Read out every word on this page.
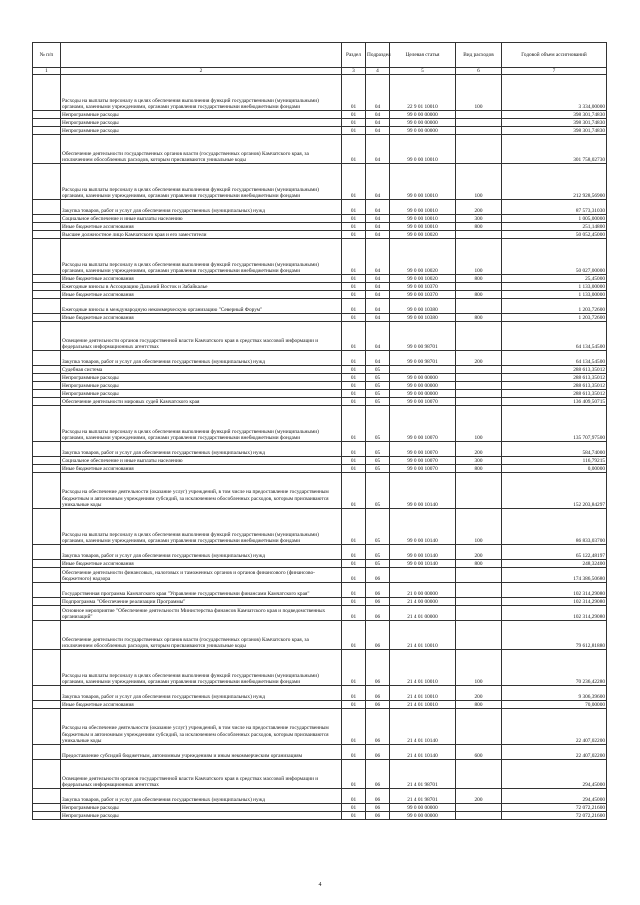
№ п/п		Раздел	Подраздел	Целевая статья	Вид расходов	Годовой объем ассигнований
1	2	3	4	5	6	7
	Расходы на выплаты персоналу в целях обеспечения выполнения функций государственными (муниципальными) органами, казенными учреждениями, органами управления государственными внебюджетными фондами	01	04	22 9 01 10010	100	3 334,00000
	Непрограммные расходы	01	04	99 0 00 00000		398 301,74830
	Непрограммные расходы	01	04	99 0 00 00000		398 301,74830
	Непрограммные расходы	01	04	99 0 00 00000		398 301,74830
	Обеспечение деятельности государственных органов власти (государственных органов) Камчатского края, за исключением обособленных расходов, которым присваиваются уникальные коды	01	04	99 0 00 10010		301 758,02730
	Расходы на выплаты персоналу в целях обеспечения выполнения функций государственными (муниципальными) органами, казенными учреждениями, органами управления государственными внебюджетными фондами	01	04	99 0 00 10010	100	212 928,56900
	Закупка товаров, работ и услуг для обеспечения государственных (муниципальных) нужд	01	04	99 0 00 10010	200	87 573,31030
	Социальное обеспечение и иные выплаты населению	01	04	99 0 00 10010	300	1 005,00000
	Иные бюджетные ассигнования	01	04	99 0 00 10010	800	251,14800
	Высшее должностное лицо Камчатского края и его заместители	01	04	99 0 00 10020		50 052,45000
	Расходы на выплаты персоналу в целях обеспечения выполнения функций государственными (муниципальными) органами, казенными учреждениями, органами управления государственными внебюджетными фондами	01	04	99 0 00 10020	100	50 027,00000
	Иные бюджетные ассигнования	01	04	99 0 00 10020	800	25,45000
	Ежегодные взносы в Ассоциацию Дальний Восток и Забайкалье	01	04	99 0 00 10370		1 133,00000
	Иные бюджетные ассигнования	01	04	99 0 00 10370	800	1 133,00000
	Ежегодные взносы в международную некоммерческую организацию "Северный Форум"	01	04	99 0 00 10380		1 203,72600
	Иные бюджетные ассигнования	01	04	99 0 00 10380	800	1 203,72600
	Освещение деятельности органов государственной власти Камчатского края в средствах массовой информации и федеральных информационных агентствах	01	04	99 0 00 98701		64 134,54500
	Закупка товаров, работ и услуг для обеспечения государственных (муниципальных) нужд	01	04	99 0 00 98701	200	64 134,54500
	Судебная система	01	05			288 613,35012
	Непрограммные расходы	01	05	99 0 00 00000		288 613,35012
	Непрограммные расходы	01	05	99 0 00 00000		288 613,35012
	Непрограммные расходы	01	05	99 0 00 00000		288 613,35012
	Обеспечение деятельности мировых судей Камчатского края	01	05	99 0 00 10070		136 409,50715
	Расходы на выплаты персоналу в целях обеспечения выполнения функций государственными (муниципальными) органами, казенными учреждениями, органами управления государственными внебюджетными фондами	01	05	99 0 00 10070	100	135 707,97500
	Закупка товаров, работ и услуг для обеспечения государственных (муниципальных) нужд	01	05	99 0 00 10070	200	584,74000
	Социальное обеспечение и иные выплаты населению	01	05	99 0 00 10070	300	116,79215
	Иные бюджетные ассигнования	01	05	99 0 00 10070	800	0,00000
	Расходы на обеспечение деятельности (оказание услуг) учреждений, в том числе на предоставление государственным бюджетным и автономным учреждениям субсидий, за исключением обособленных расходов, которым присваиваются уникальные коды	01	05	99 0 00 10140		152 203,84297
	Расходы на выплаты персоналу в целях обеспечения выполнения функций государственными (муниципальными) органами, казенными учреждениями, органами управления государственными внебюджетными фондами	01	05	99 0 00 10140	100	86 833,03700
	Закупка товаров, работ и услуг для обеспечения государственных (муниципальных) нужд	01	05	99 0 00 10140	200	65 122,48197
	Иные бюджетные ассигнования	01	05	99 0 00 10140	800	248,32400
	Обеспечение деятельности финансовых, налоговых и таможенных органов и органов финансового (финансово-бюджетного) надзора	01	06			174 386,50680
	Государственная программа Камчатского края "Управление государственными финансами Камчатского края"	01	06	21 0 00 00000		102 314,29080
	Подпрограмма "Обеспечение реализации Программы"	01	06	21 4 00 00000		102 314,29080
	Основное мероприятие "Обеспечение деятельности Министерства финансов Камчатского края и подведомственных организаций"	01	06	21 4 01 00000		102 314,29080
	Обеспечение деятельности государственных органов власти (государственных органов) Камчатского края, за исключением обособленных расходов, которым присваиваются уникальные коды	01	06	21 4 01 10010		79 612,81880
	Расходы на выплаты персоналу в целях обеспечения выполнения функций государственными (муниципальными) органами, казенными учреждениями, органами управления государственными внебюджетными фондами	01	06	21 4 01 10010	100	70 236,42280
	Закупка товаров, работ и услуг для обеспечения государственных (муниципальных) нужд	01	06	21 4 01 10010	200	9 306,39600
	Иные бюджетные ассигнования	01	06	21 4 01 10010	800	70,00000
	Расходы на обеспечение деятельности (оказание услуг) учреждений, в том числе на предоставление государственным бюджетным и автономным учреждениям субсидий, за исключением обособленных расходов, которым присваиваются уникальные коды	01	06	21 4 01 10140		22 407,02200
	Предоставление субсидий бюджетным, автономным учреждениям и иным некоммерческим организациям	01	06	21 4 01 10140	600	22 407,02200
	Освещение деятельности органов государственной власти Камчатского края в средствах массовой информации и федеральных информационных агентствах	01	06	21 4 01 98701		294,45000
	Закупка товаров, работ и услуг для обеспечения государственных (муниципальных) нужд	01	06	21 4 01 98701	200	294,45000
	Непрограммные расходы	01	06	99 0 00 00000		72 072,21600
	Непрограммные расходы	01	06	99 0 00 00000		72 072,21600
4
